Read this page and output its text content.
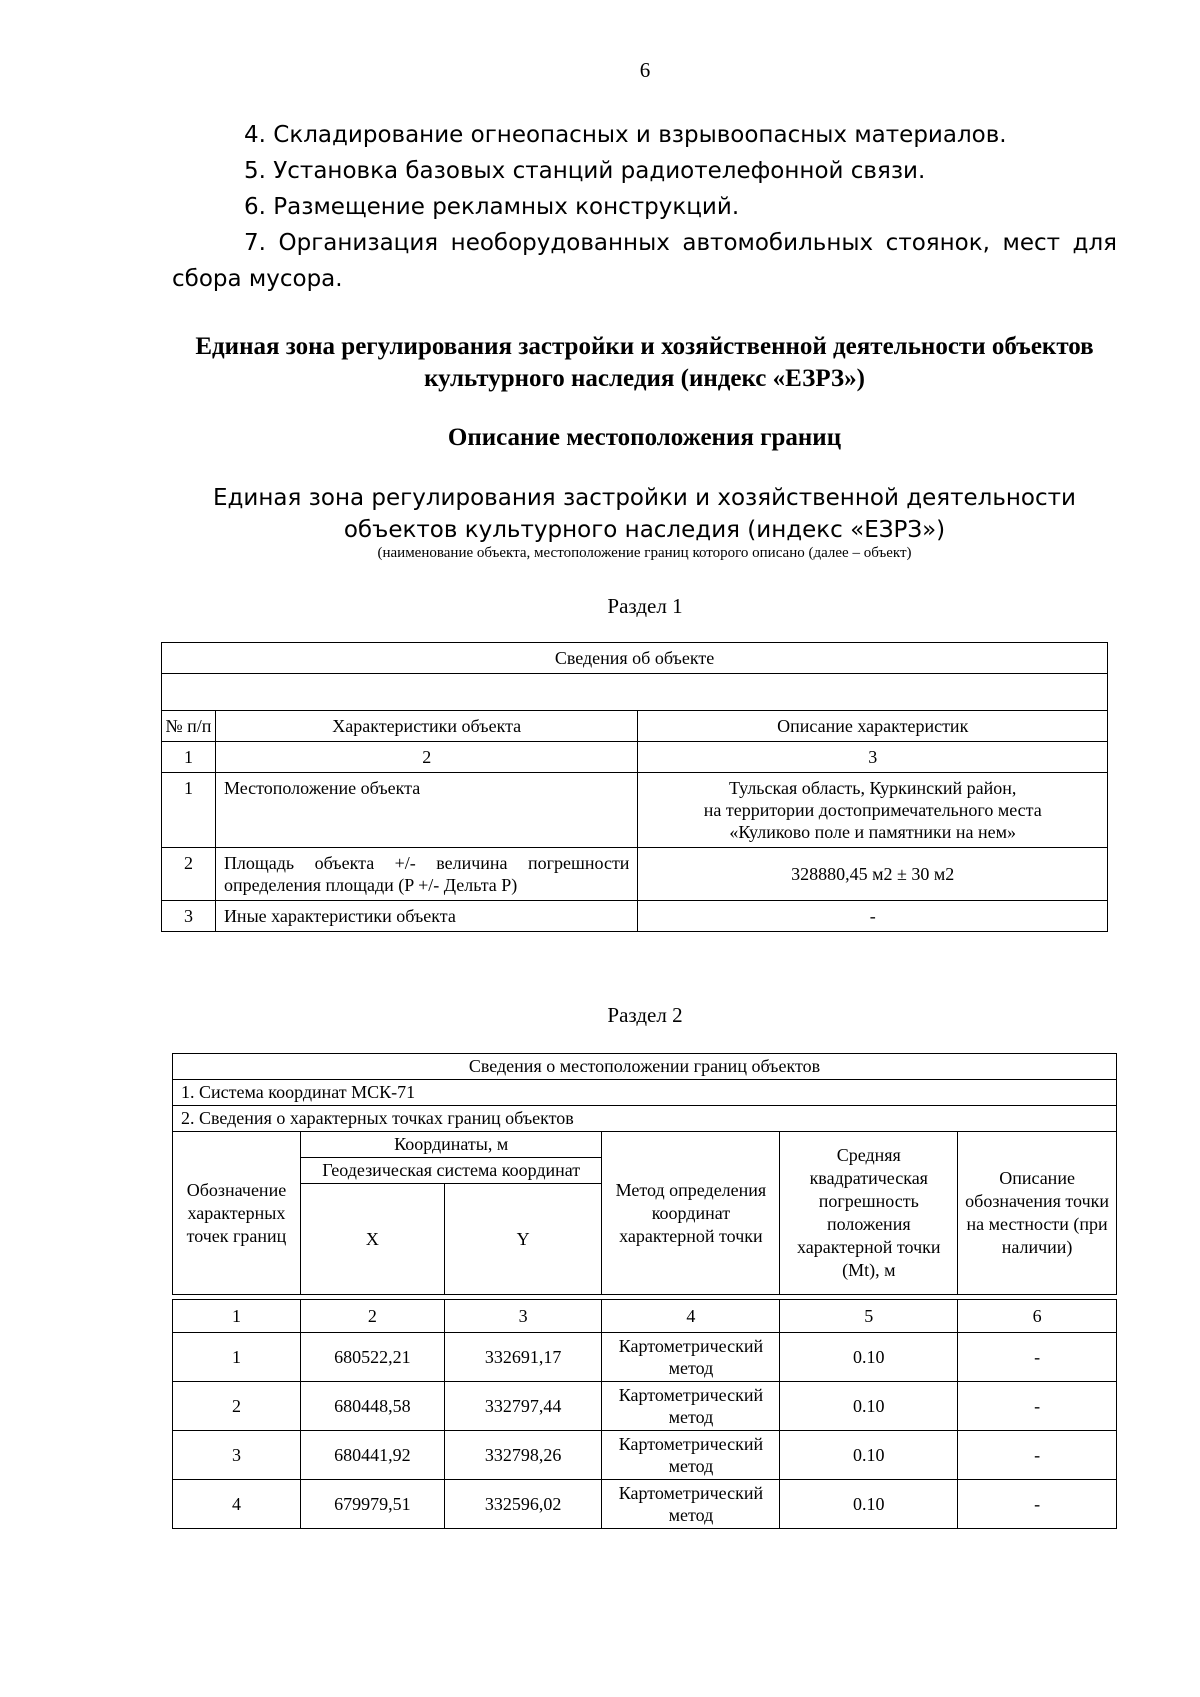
6

4. Складирование огнеопасных и взрывоопасных материалов.

5. Установка базовых станций радиотелефонной связи.

6. Размещение рекламных конструкций.

7. Организация необорудованных автомобильных стоянок, мест для сбора мусора.

Единая зона регулирования застройки и хозяйственной деятельности объектов культурного наследия (индекс «ЕЗРЗ»)
Описание местоположения границ
Единая зона регулирования застройки и хозяйственной деятельности объектов культурного наследия (индекс «ЕЗРЗ»)
(наименование объекта, местоположение границ которого описано (далее – объект)
Раздел 1
Сведения об объекте		

№ п/п	Характеристики объекта	Описание характеристик
1	2	3
1	Местоположение объекта	Тульская область, Куркинский район,
на территории достопримечательного места
«Куликово поле и памятники на нем»

2	Площадь объекта +/- величина погрешности определения площади (P +/- Дельта P)	328880,45 м2 ± 30 м2
3	Иные характеристики объекта	-
Раздел 2
Сведения о местоположении границ объектов					
1. Система координат МСК-71					
2. Сведения о характерных точках границ объектов					
Обозначение характерных точек границ	Координаты, м		Метод определения координат характерной точки	Средняя квадратическая погрешность положения характерной точки (Mt), м	Описание обозначения точки на местности (при наличии)
	Геодезическая система координат				
	X	Y			

1	2	3	4	5	6
1	680522,21	332691,17	Картометрический метод	0.10	-
2	680448,58	332797,44	Картометрический метод	0.10	-
3	680441,92	332798,26	Картометрический метод	0.10	-
4	679979,51	332596,02	Картометрический метод	0.10	-
